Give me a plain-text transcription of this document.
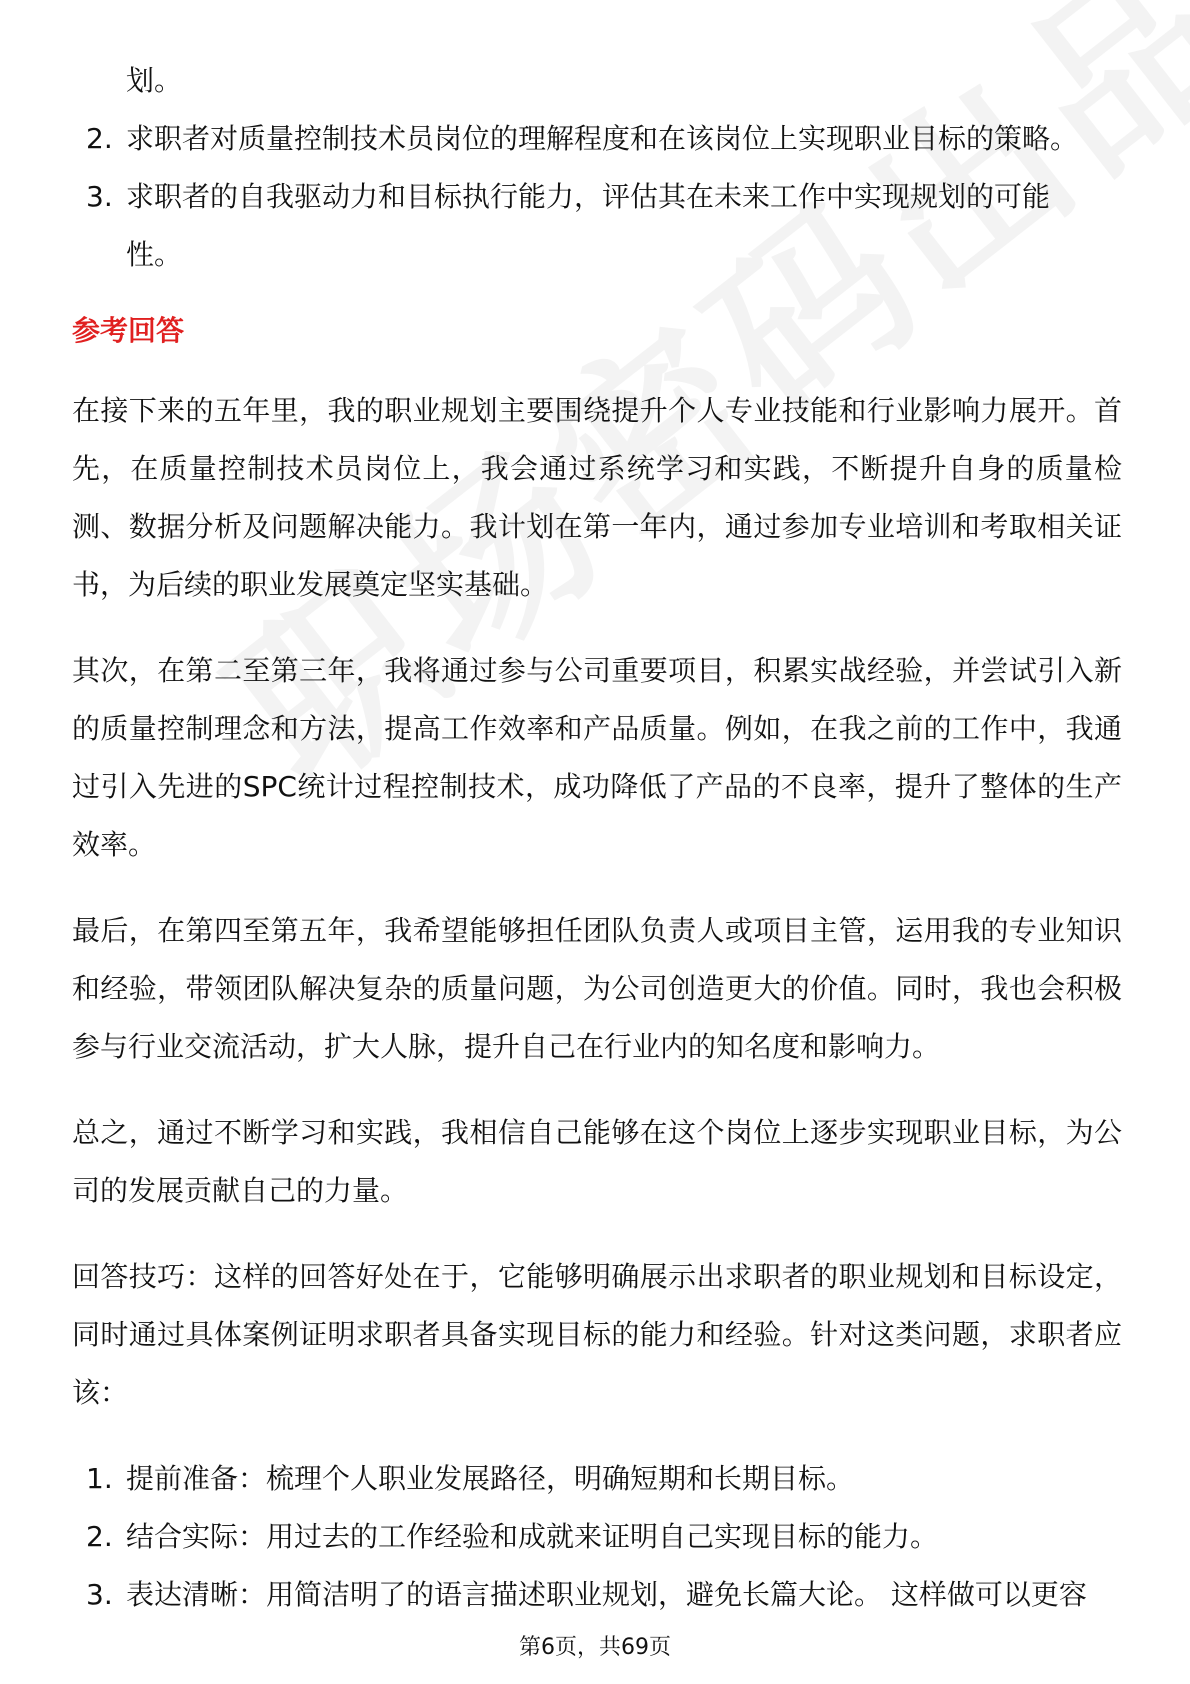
划。

2. 求职者对质量控制技术员岗位的理解程度和在该岗位上实现职业目标的策略。
3. 求职者的自我驱动力和目标执行能力，评估其在未来工作中实现规划的可能

性。

参考回答

在接下来的五年里，我的职业规划主要围绕提升个人专业技能和行业影响力展开。首先，在质量控制技术员岗位上，我会通过系统学习和实践，不断提升自身的质量检测、数据分析及问题解决能力。我计划在第一年内，通过参加专业培训和考取相关证书，为后续的职业发展奠定坚实基础。

其次，在第二至第三年，我将通过参与公司重要项目，积累实战经验，并尝试引入新的质量控制理念和方法，提高工作效率和产品质量。例如，在我之前的工作中，我通过引入先进的SPC统计过程控制技术，成功降低了产品的不良率，提升了整体的生产效率。

最后，在第四至第五年，我希望能够担任团队负责人或项目主管，运用我的专业知识和经验，带领团队解决复杂的质量问题，为公司创造更大的价值。同时，我也会积极参与行业交流活动，扩大人脉，提升自己在行业内的知名度和影响力。

总之，通过不断学习和实践，我相信自己能够在这个岗位上逐步实现职业目标，为公司的发展贡献自己的力量。

回答技巧：这样的回答好处在于，它能够明确展示出求职者的职业规划和目标设定，同时通过具体案例证明求职者具备实现目标的能力和经验。针对这类问题，求职者应该：

1. 提前准备：梳理个人职业发展路径，明确短期和长期目标。
2. 结合实际：用过去的工作经验和成就来证明自己实现目标的能力。
3. 表达清晰：用简洁明了的语言描述职业规划，避免长篇大论。 这样做可以更容
第6页，共69页
